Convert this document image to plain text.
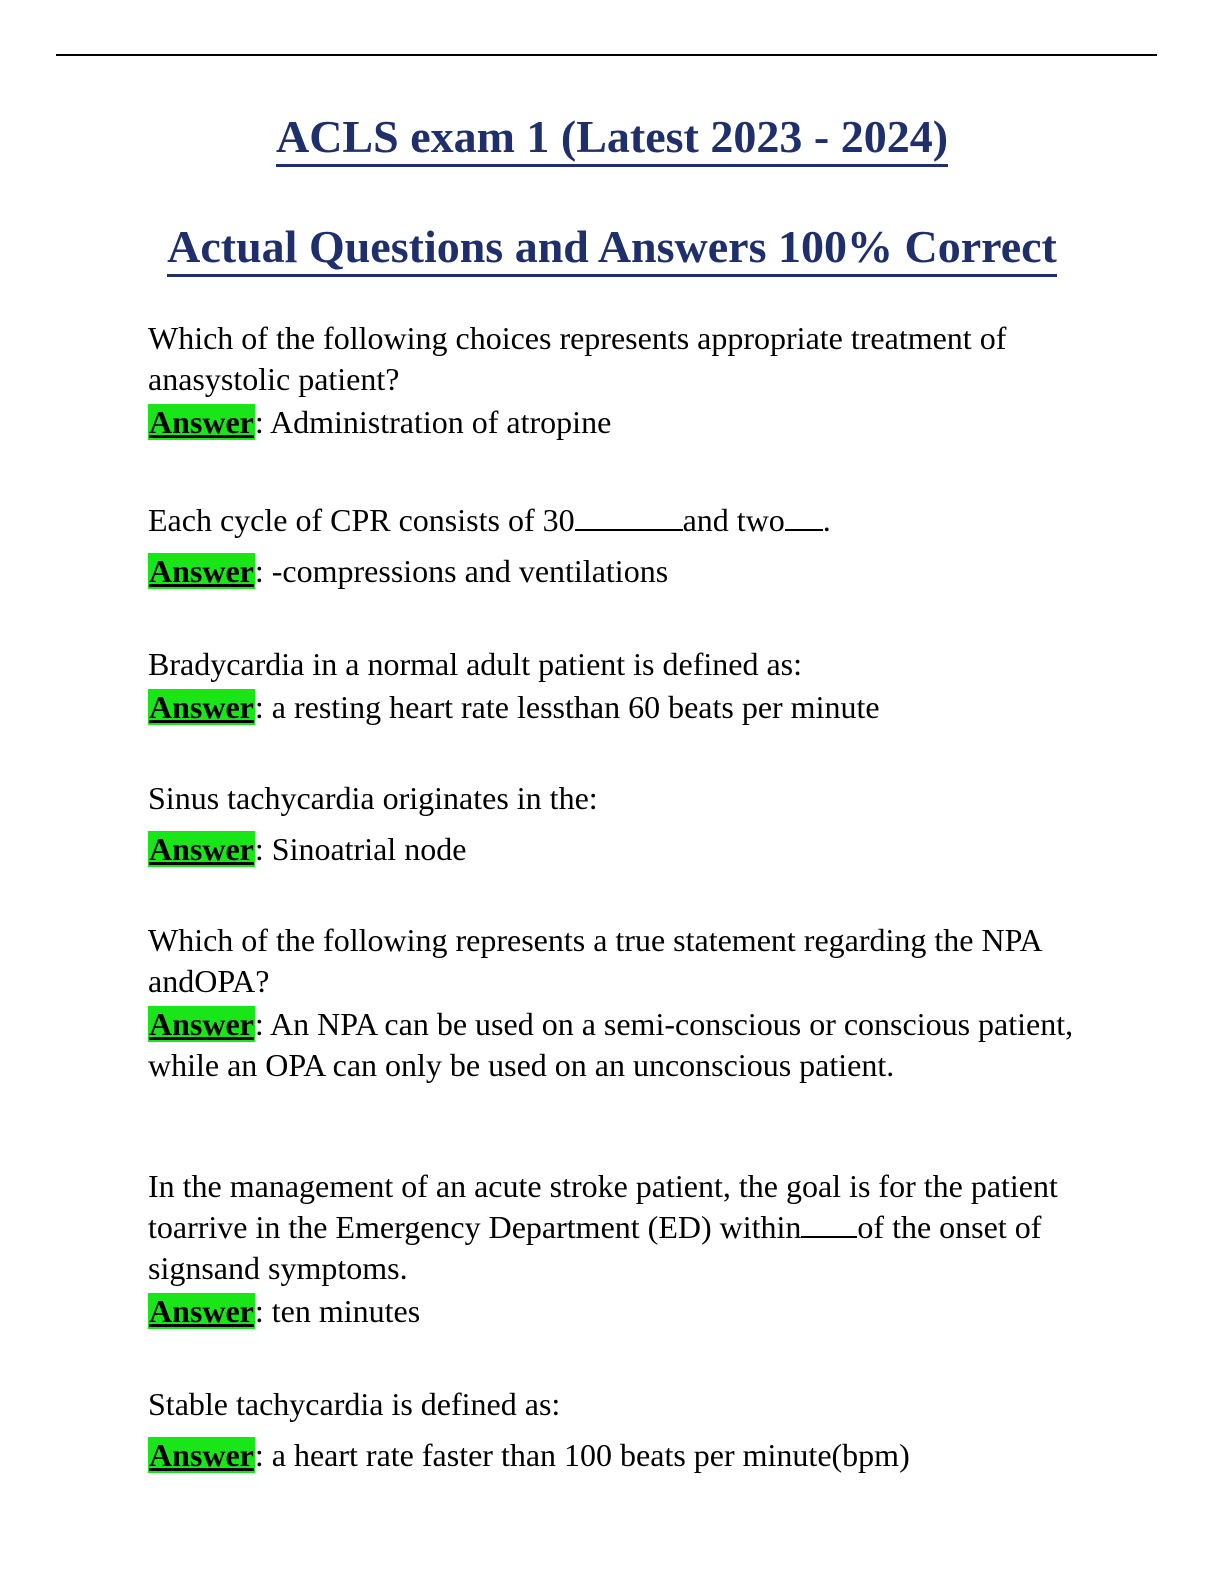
ACLS exam 1 (Latest 2023 - 2024)
Actual Questions and Answers 100% Correct

Which of the following choices represents appropriate treatment of anasystolic patient?

Answer: Administration of atropine

Each cycle of CPR consists of 30	and two .

Answer: -compressions and ventilations

Bradycardia in a normal adult patient is defined as:

Answer: a resting heart rate lessthan 60 beats per minute

Sinus tachycardia originates in the:

Answer: Sinoatrial node

Which of the following represents a true statement regarding the NPA andOPA?

Answer: An NPA can be used on a semi-conscious or conscious patient, while an OPA can only be used on an unconscious patient.

In the management of an acute stroke patient, the goal is for the patient toarrive in the Emergency Department (ED) within of the onset of signsand symptoms.

Answer: ten minutes

Stable tachycardia is defined as:

Answer: a heart rate faster than 100 beats per minute(bpm)
